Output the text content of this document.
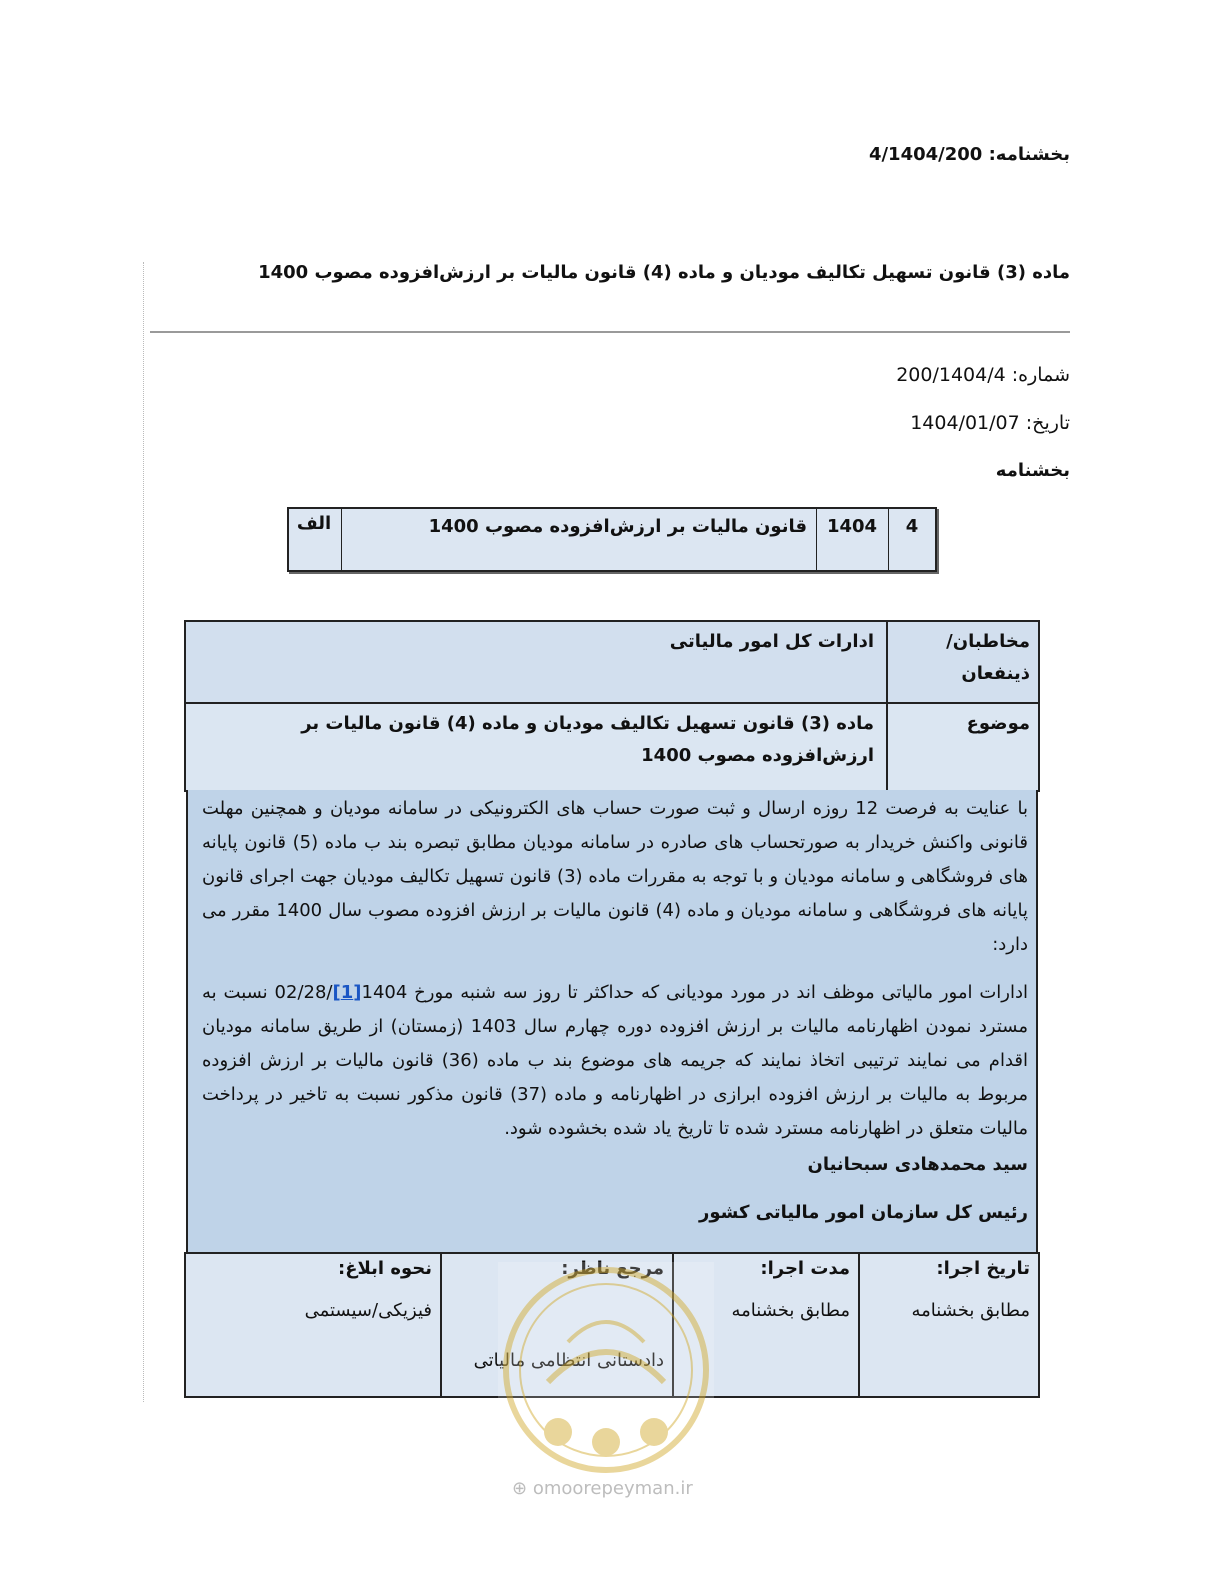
بخشنامه: 4/1404/200
ماده (3) قانون تسهیل تکالیف مودیان و ماده (4) قانون مالیات بر ارزش‌افزوده مصوب 1400
شماره: 200/1404/4
تاریخ: 1404/01/07
بخشنامه
4
1404
قانون مالیات بر ارزش‌افزوده مصوب 1400
الف
مخاطبان/ ذینفعان
ادارات کل امور مالیاتی
موضوع
ماده (3) قانون تسهیل تکالیف مودیان و ماده (4) قانون مالیات بر ارزش‌افزوده مصوب 1400
با عنایت به فرصت 12 روزه ارسال و ثبت صورت حساب های الکترونیکی در سامانه مودیان و همچنین مهلت قانونی واکنش خریدار به صورتحساب های صادره در سامانه مودیان مطابق تبصره بند ب ماده (5) قانون پایانه های فروشگاهی و سامانه مودیان و با توجه به مقررات ماده (3) قانون تسهیل تکالیف مودیان جهت اجرای قانون پایانه های فروشگاهی و سامانه مودیان و ماده (4) قانون مالیات بر ارزش افزوده مصوب سال 1400 مقرر می دارد:
ادارات امور مالیاتی موظف اند در مورد مودیانی که حداکثر تا روز سه شنبه مورخ 1404[1]/02/28 نسبت به مسترد نمودن اظهارنامه مالیات بر ارزش افزوده دوره چهارم سال 1403 (زمستان) از طریق سامانه مودیان اقدام می نمایند ترتیبی اتخاذ نمایند که جریمه های موضوع بند ب ماده (36) قانون مالیات بر ارزش افزوده مربوط به مالیات بر ارزش افزوده ابرازی در اظهارنامه و ماده (37) قانون مذکور نسبت به تاخیر در پرداخت مالیات متعلق در اظهارنامه مسترد شده تا تاریخ یاد شده بخشوده شود.
سید محمدهادی سبحانیان
رئیس کل سازمان امور مالیاتی کشور
تاریخ اجرا:
مطابق بخشنامه
مدت اجرا:
مطابق بخشنامه
مرجع ناظر:
دادستانی انتظامی مالیاتی
نحوه ابلاغ:
فیزیکی/سیستمی
⊕ omoorepeyman.ir
